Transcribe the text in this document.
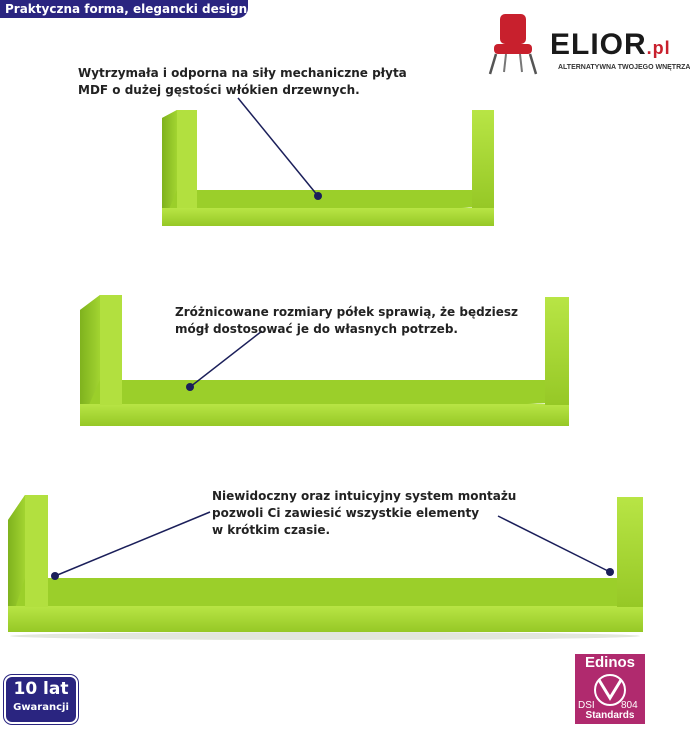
Praktyczna forma, elegancki design.
ELIOR.pl
ALTERNATYWNA TWOJEGO WNĘTRZA
Wytrzymała i odporna na siły mechaniczne płyta
MDF o dużej gęstości włókien drzewnych.
Zróżnicowane rozmiary półek sprawią, że będziesz
mógł dostosować je do własnych potrzeb.
Niewidoczny oraz intuicyjny system montażu
pozwoli Ci zawiesić wszystkie elementy
w krótkim czasie.
10 lat
Gwarancji
Edinos
DSI	804
Standards
